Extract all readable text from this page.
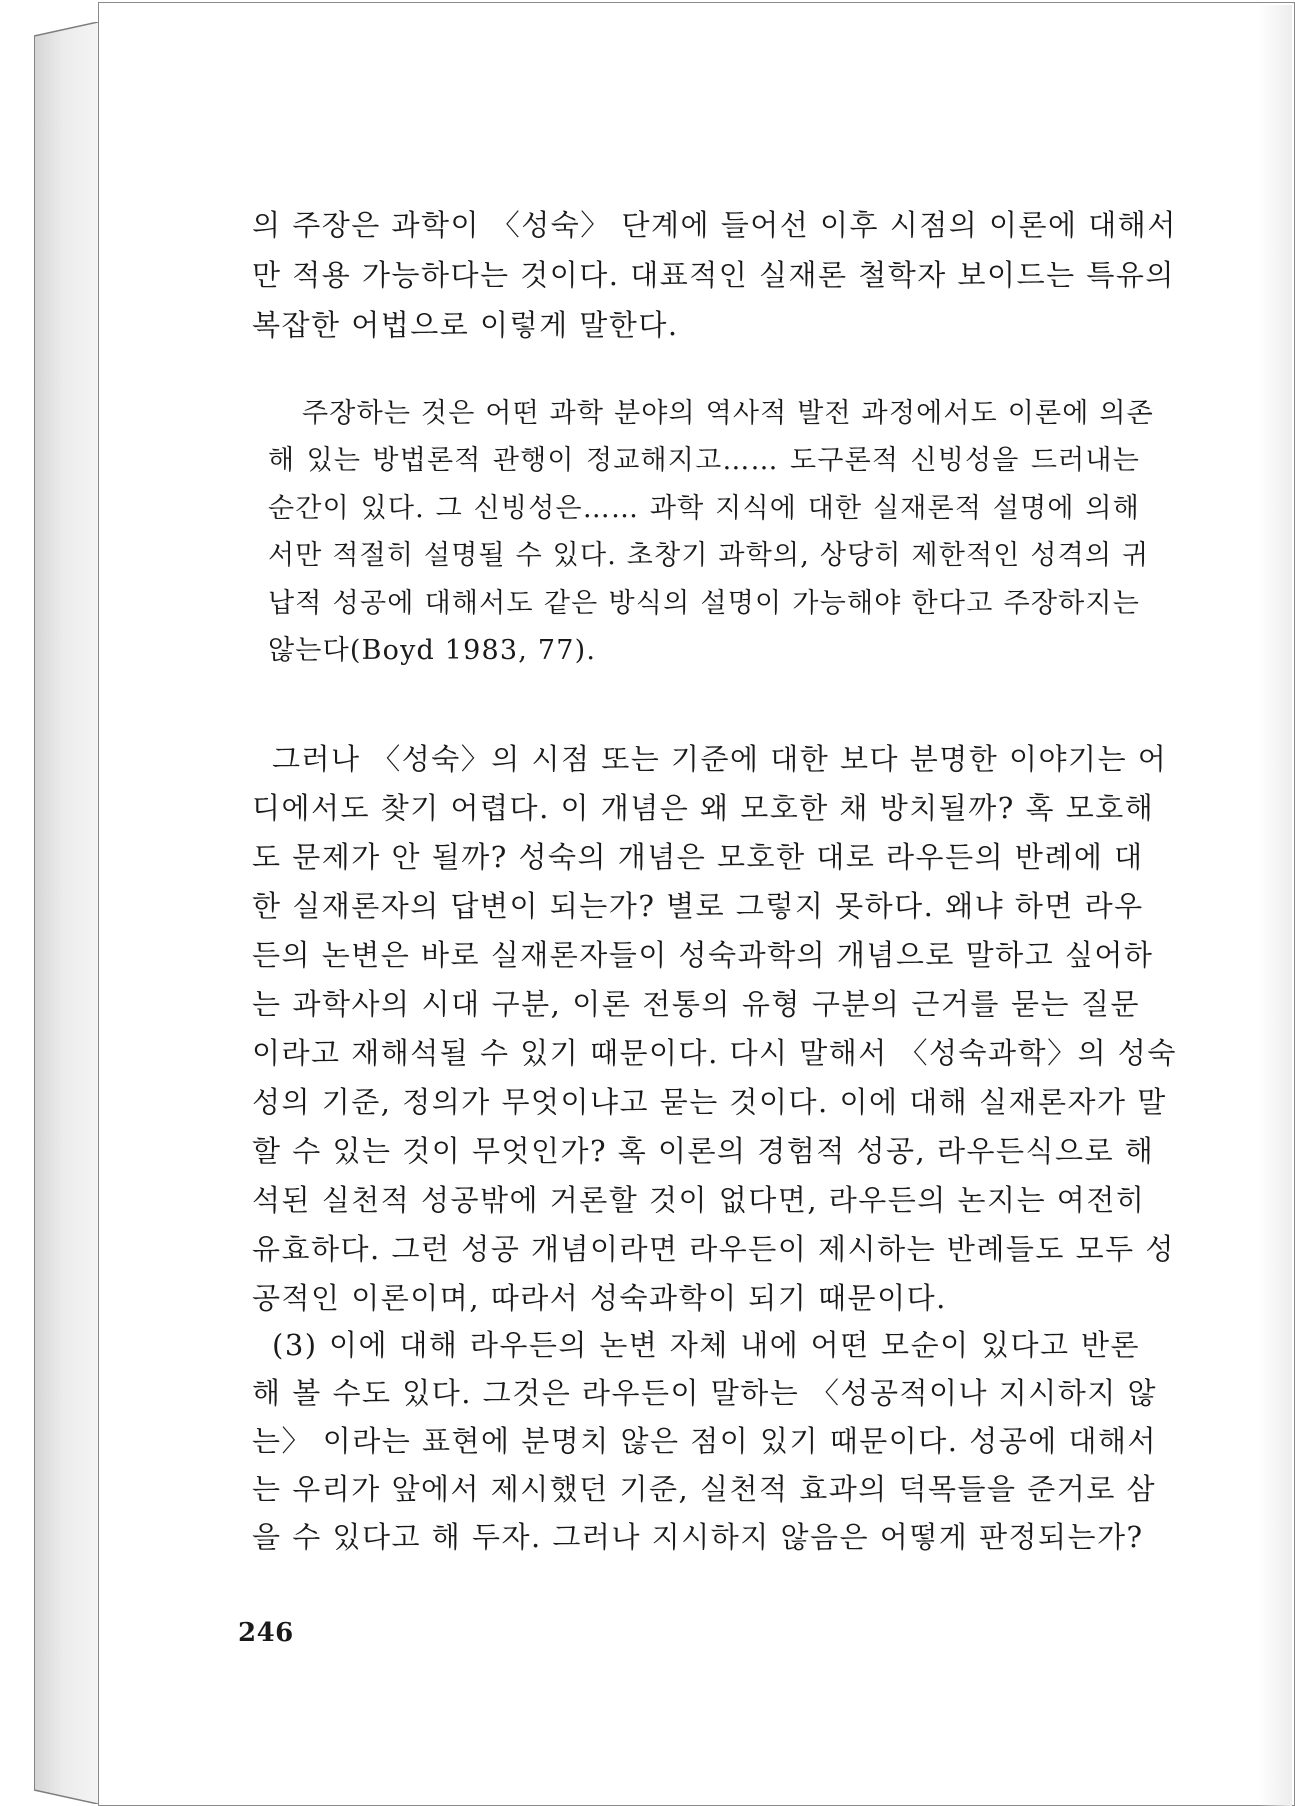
의 주장은 과학이 〈성숙〉 단계에 들어선 이후 시점의 이론에 대해서
만 적용 가능하다는 것이다. 대표적인 실재론 철학자 보이드는 특유의
복잡한 어법으로 이렇게 말한다.
주장하는 것은 어떤 과학 분야의 역사적 발전 과정에서도 이론에 의존
해 있는 방법론적 관행이 정교해지고…… 도구론적 신빙성을 드러내는
순간이 있다. 그 신빙성은…… 과학 지식에 대한 실재론적 설명에 의해
서만 적절히 설명될 수 있다. 초창기 과학의, 상당히 제한적인 성격의 귀
납적 성공에 대해서도 같은 방식의 설명이 가능해야 한다고 주장하지는
않는다(Boyd 1983, 77).
그러나 〈성숙〉의 시점 또는 기준에 대한 보다 분명한 이야기는 어
디에서도 찾기 어렵다. 이 개념은 왜 모호한 채 방치될까? 혹 모호해
도 문제가 안 될까? 성숙의 개념은 모호한 대로 라우든의 반례에 대
한 실재론자의 답변이 되는가? 별로 그렇지 못하다. 왜냐 하면 라우
든의 논변은 바로 실재론자들이 성숙과학의 개념으로 말하고 싶어하
는 과학사의 시대 구분, 이론 전통의 유형 구분의 근거를 묻는 질문
이라고 재해석될 수 있기 때문이다. 다시 말해서 〈성숙과학〉의 성숙
성의 기준, 정의가 무엇이냐고 묻는 것이다. 이에 대해 실재론자가 말
할 수 있는 것이 무엇인가? 혹 이론의 경험적 성공, 라우든식으로 해
석된 실천적 성공밖에 거론할 것이 없다면, 라우든의 논지는 여전히
유효하다. 그런 성공 개념이라면 라우든이 제시하는 반례들도 모두 성
공적인 이론이며, 따라서 성숙과학이 되기 때문이다.
(3) 이에 대해 라우든의 논변 자체 내에 어떤 모순이 있다고 반론
해 볼 수도 있다. 그것은 라우든이 말하는 〈성공적이나 지시하지 않
는〉 이라는 표현에 분명치 않은 점이 있기 때문이다. 성공에 대해서
는 우리가 앞에서 제시했던 기준, 실천적 효과의 덕목들을 준거로 삼
을 수 있다고 해 두자. 그러나 지시하지 않음은 어떻게 판정되는가?
246
